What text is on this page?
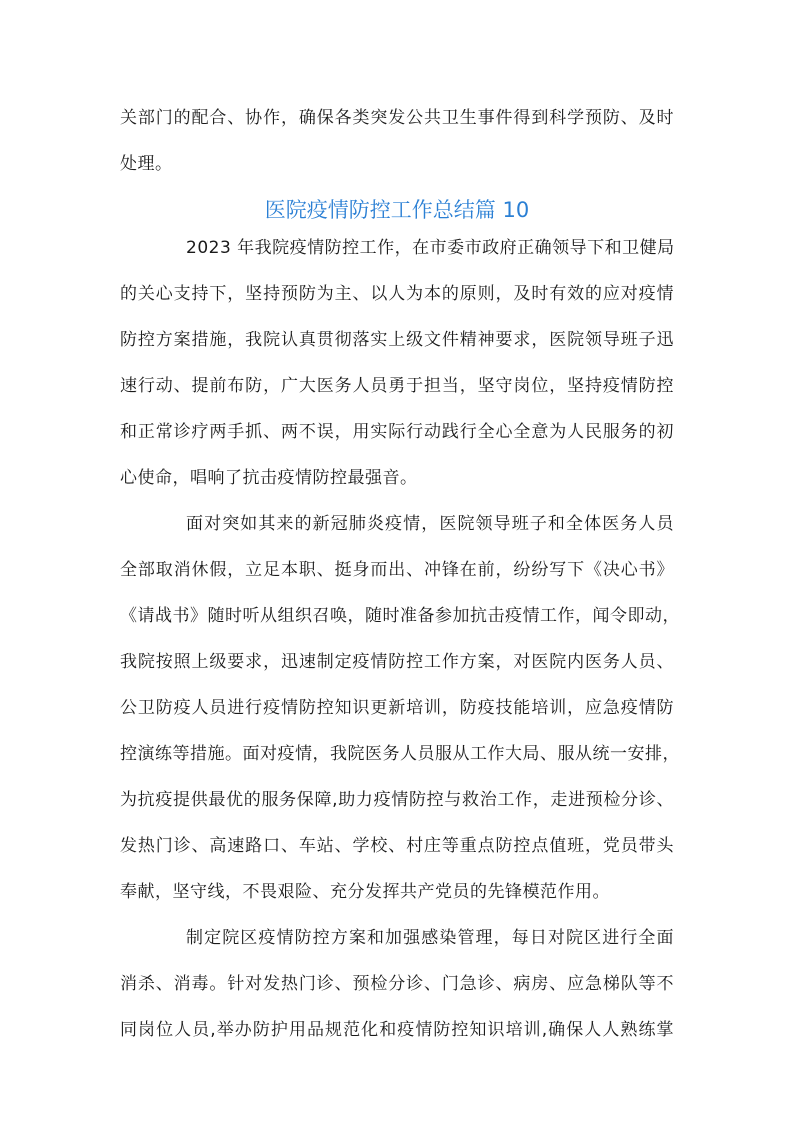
关部门的配合、协作，确保各类突发公共卫生事件得到科学预防、及时
处理。
医院疫情防控工作总结篇 10
2023 年我院疫情防控工作，在市委市政府正确领导下和卫健局
的关心支持下，坚持预防为主、以人为本的原则，及时有效的应对疫情
防控方案措施，我院认真贯彻落实上级文件精神要求，医院领导班子迅
速行动、提前布防，广大医务人员勇于担当，坚守岗位，坚持疫情防控
和正常诊疗两手抓、两不误，用实际行动践行全心全意为人民服务的初
心使命，唱响了抗击疫情防控最强音。
面对突如其来的新冠肺炎疫情，医院领导班子和全体医务人员
全部取消休假，立足本职、挺身而出、冲锋在前，纷纷写下《决心书》
《请战书》随时听从组织召唤，随时准备参加抗击疫情工作，闻令即动，
我院按照上级要求，迅速制定疫情防控工作方案，对医院内医务人员、
公卫防疫人员进行疫情防控知识更新培训，防疫技能培训，应急疫情防
控演练等措施。面对疫情，我院医务人员服从工作大局、服从统一安排，
为抗疫提供最优的服务保障,助力疫情防控与救治工作，走进预检分诊、
发热门诊、高速路口、车站、学校、村庄等重点防控点值班，党员带头
奉献，坚守线，不畏艰险、充分发挥共产党员的先锋模范作用。
制定院区疫情防控方案和加强感染管理，每日对院区进行全面
消杀、消毒。针对发热门诊、预检分诊、门急诊、病房、应急梯队等不
同岗位人员,举办防护用品规范化和疫情防控知识培训,确保人人熟练掌
